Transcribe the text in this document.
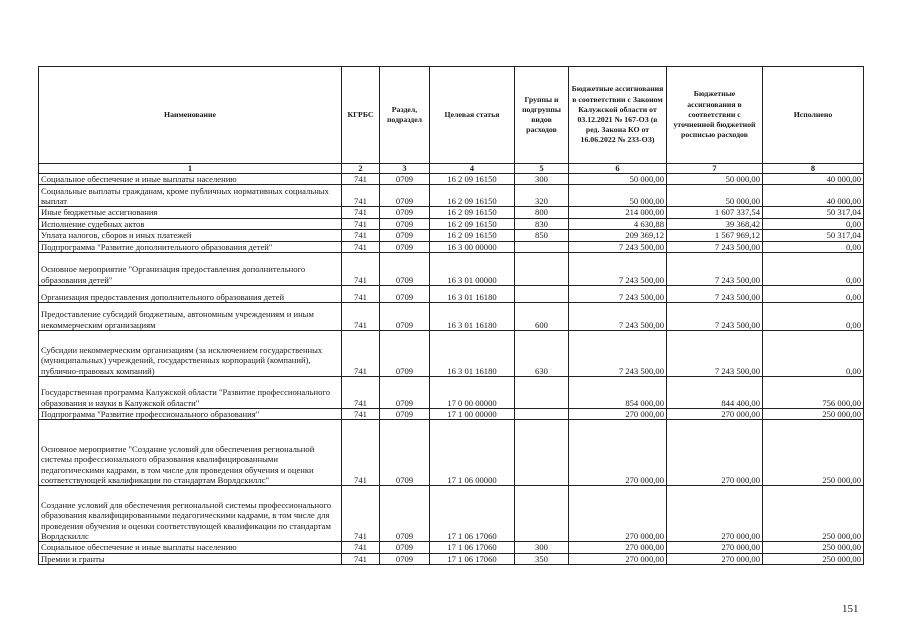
Наименование	КГРБС	Раздел, подраздел	Целевая статья	Группы и подгруппы видов расходов	Бюджетные ассигнования в соответствии с Законом Калужской области от 03.12.2021 № 167-ОЗ (в ред. Закона КО от 16.06.2022 № 233-ОЗ)	Бюджетные ассигнования в соответствии с уточненной бюджетной росписью расходов	Исполнено
1	2	3	4	5	6	7	8
Социальное обеспечение и иные выплаты населению	741	0709	16 2 09 16150	300	50 000,00	50 000,00	40 000,00
Социальные выплаты гражданам, кроме публичных нормативных социальных выплат	741	0709	16 2 09 16150	320	50 000,00	50 000,00	40 000,00
Иные бюджетные ассигнования	741	0709	16 2 09 16150	800	214 000,00	1 607 337,54	50 317,04
Исполнение судебных актов	741	0709	16 2 09 16150	830	4 630,88	39 368,42	0,00
Уплата налогов, сборов и иных платежей	741	0709	16 2 09 16150	850	209 369,12	1 567 969,12	50 317,04
Подпрограмма "Развитие дополнительного образования детей"	741	0709	16 3 00 00000		7 243 500,00	7 243 500,00	0,00
Основное мероприятие "Организация предоставления дополнительного образования детей"	741	0709	16 3 01 00000		7 243 500,00	7 243 500,00	0,00
Организация предоставления дополнительного образования детей	741	0709	16 3 01 16180		7 243 500,00	7 243 500,00	0,00
Предоставление субсидий бюджетным, автономным учреждениям и иным некоммерческим организациям	741	0709	16 3 01 16180	600	7 243 500,00	7 243 500,00	0,00
Субсидии некоммерческим организациям (за исключением государственных (муниципальных) учреждений, государственных корпораций (компаний), публично-правовых компаний)	741	0709	16 3 01 16180	630	7 243 500,00	7 243 500,00	0,00
Государственная программа Калужской области "Развитие профессионального образования и науки в Калужской области"	741	0709	17 0 00 00000		854 000,00	844 400,00	756 000,00
Подпрограмма "Развитие профессионального образования"	741	0709	17 1 00 00000		270 000,00	270 000,00	250 000,00
Основное мероприятие "Создание условий для обеспечения региональной системы профессионального образования квалифицированными педагогическими кадрами, в том числе для проведения обучения и оценки соответствующей квалификации по стандартам Ворлдскиллс"	741	0709	17 1 06 00000		270 000,00	270 000,00	250 000,00
Создание условий для обеспечения региональной системы профессионального образования квалифицированными педагогическими кадрами, в том числе для проведения обучения и оценки соответствующей квалификации по стандартам Ворлдскиллс	741	0709	17 1 06 17060		270 000,00	270 000,00	250 000,00
Социальное обеспечение и иные выплаты населению	741	0709	17 1 06 17060	300	270 000,00	270 000,00	250 000,00
Премии и гранты	741	0709	17 1 06 17060	350	270 000,00	270 000,00	250 000,00
151
